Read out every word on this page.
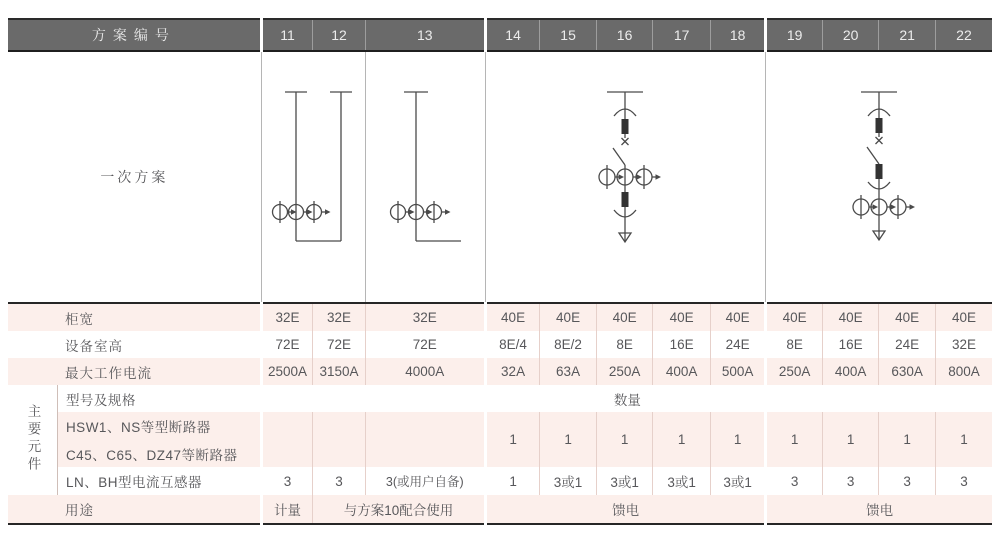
方案编号		11	12	13	14	15	16	17	18	19	20	21	22
一次方案	

柜宽		32E	32E	32E	40E	40E	40E	40E	40E	40E	40E	40E	40E
设备室高		72E	72E	72E	8E/4	8E/2	8E	16E	24E	8E	16E	24E	32E
最大工作电流		2500A	3150A	4000A	32A	63A	250A	400A	500A	250A	400A	630A	800A
主要元件	型号及规格	数量											
	HSW1、NS等型断路器				1	1	1	1	1	1	1	1	1
	C45、C65、DZ47等断路器												
	LN、BH型电流互感器	3	3	3(或用户自备)	1	3或1	3或1	3或1	3或1	3	3	3	3
用途		计量	与方案10配合使用		馈电					馈电			
